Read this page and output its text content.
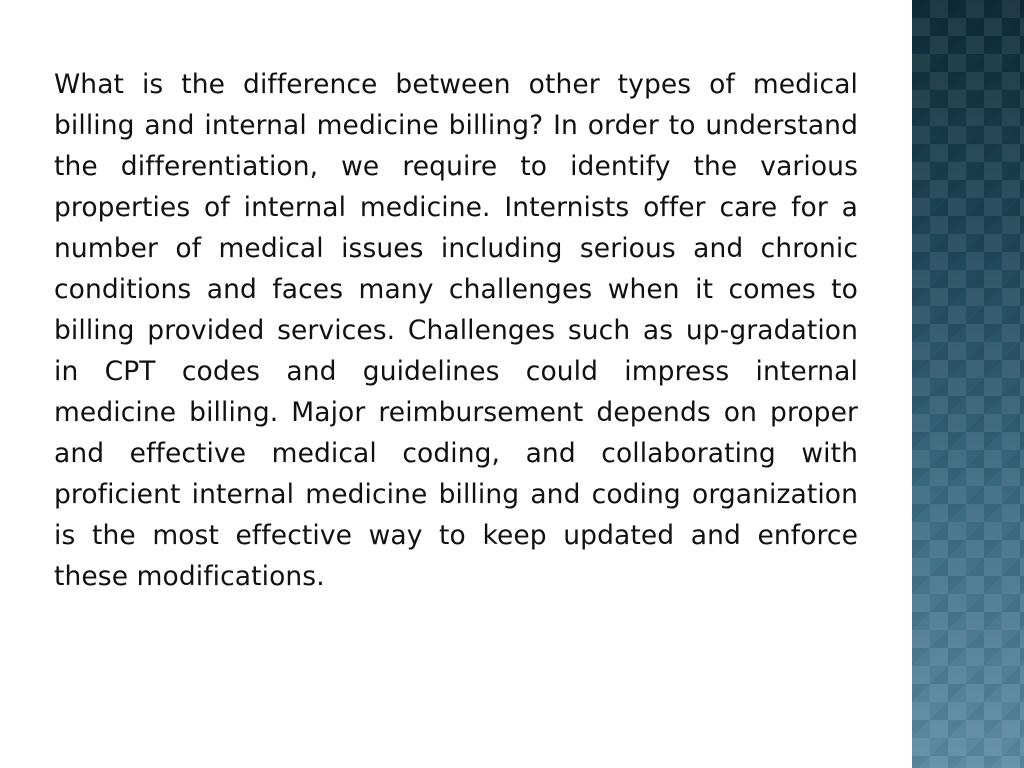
What is the difference between other types of medical billing and internal medicine billing? In order to understand the differentiation, we require to identify the various properties of internal medicine. Internists offer care for a number of medical issues including serious and chronic conditions and faces many challenges when it comes to billing provided services. Challenges such as up-gradation in CPT codes and guidelines could impress internal medicine billing. Major reimbursement depends on proper and effective medical coding, and collaborating with proficient internal medicine billing and coding organization is the most effective way to keep updated and enforce these modifications.
